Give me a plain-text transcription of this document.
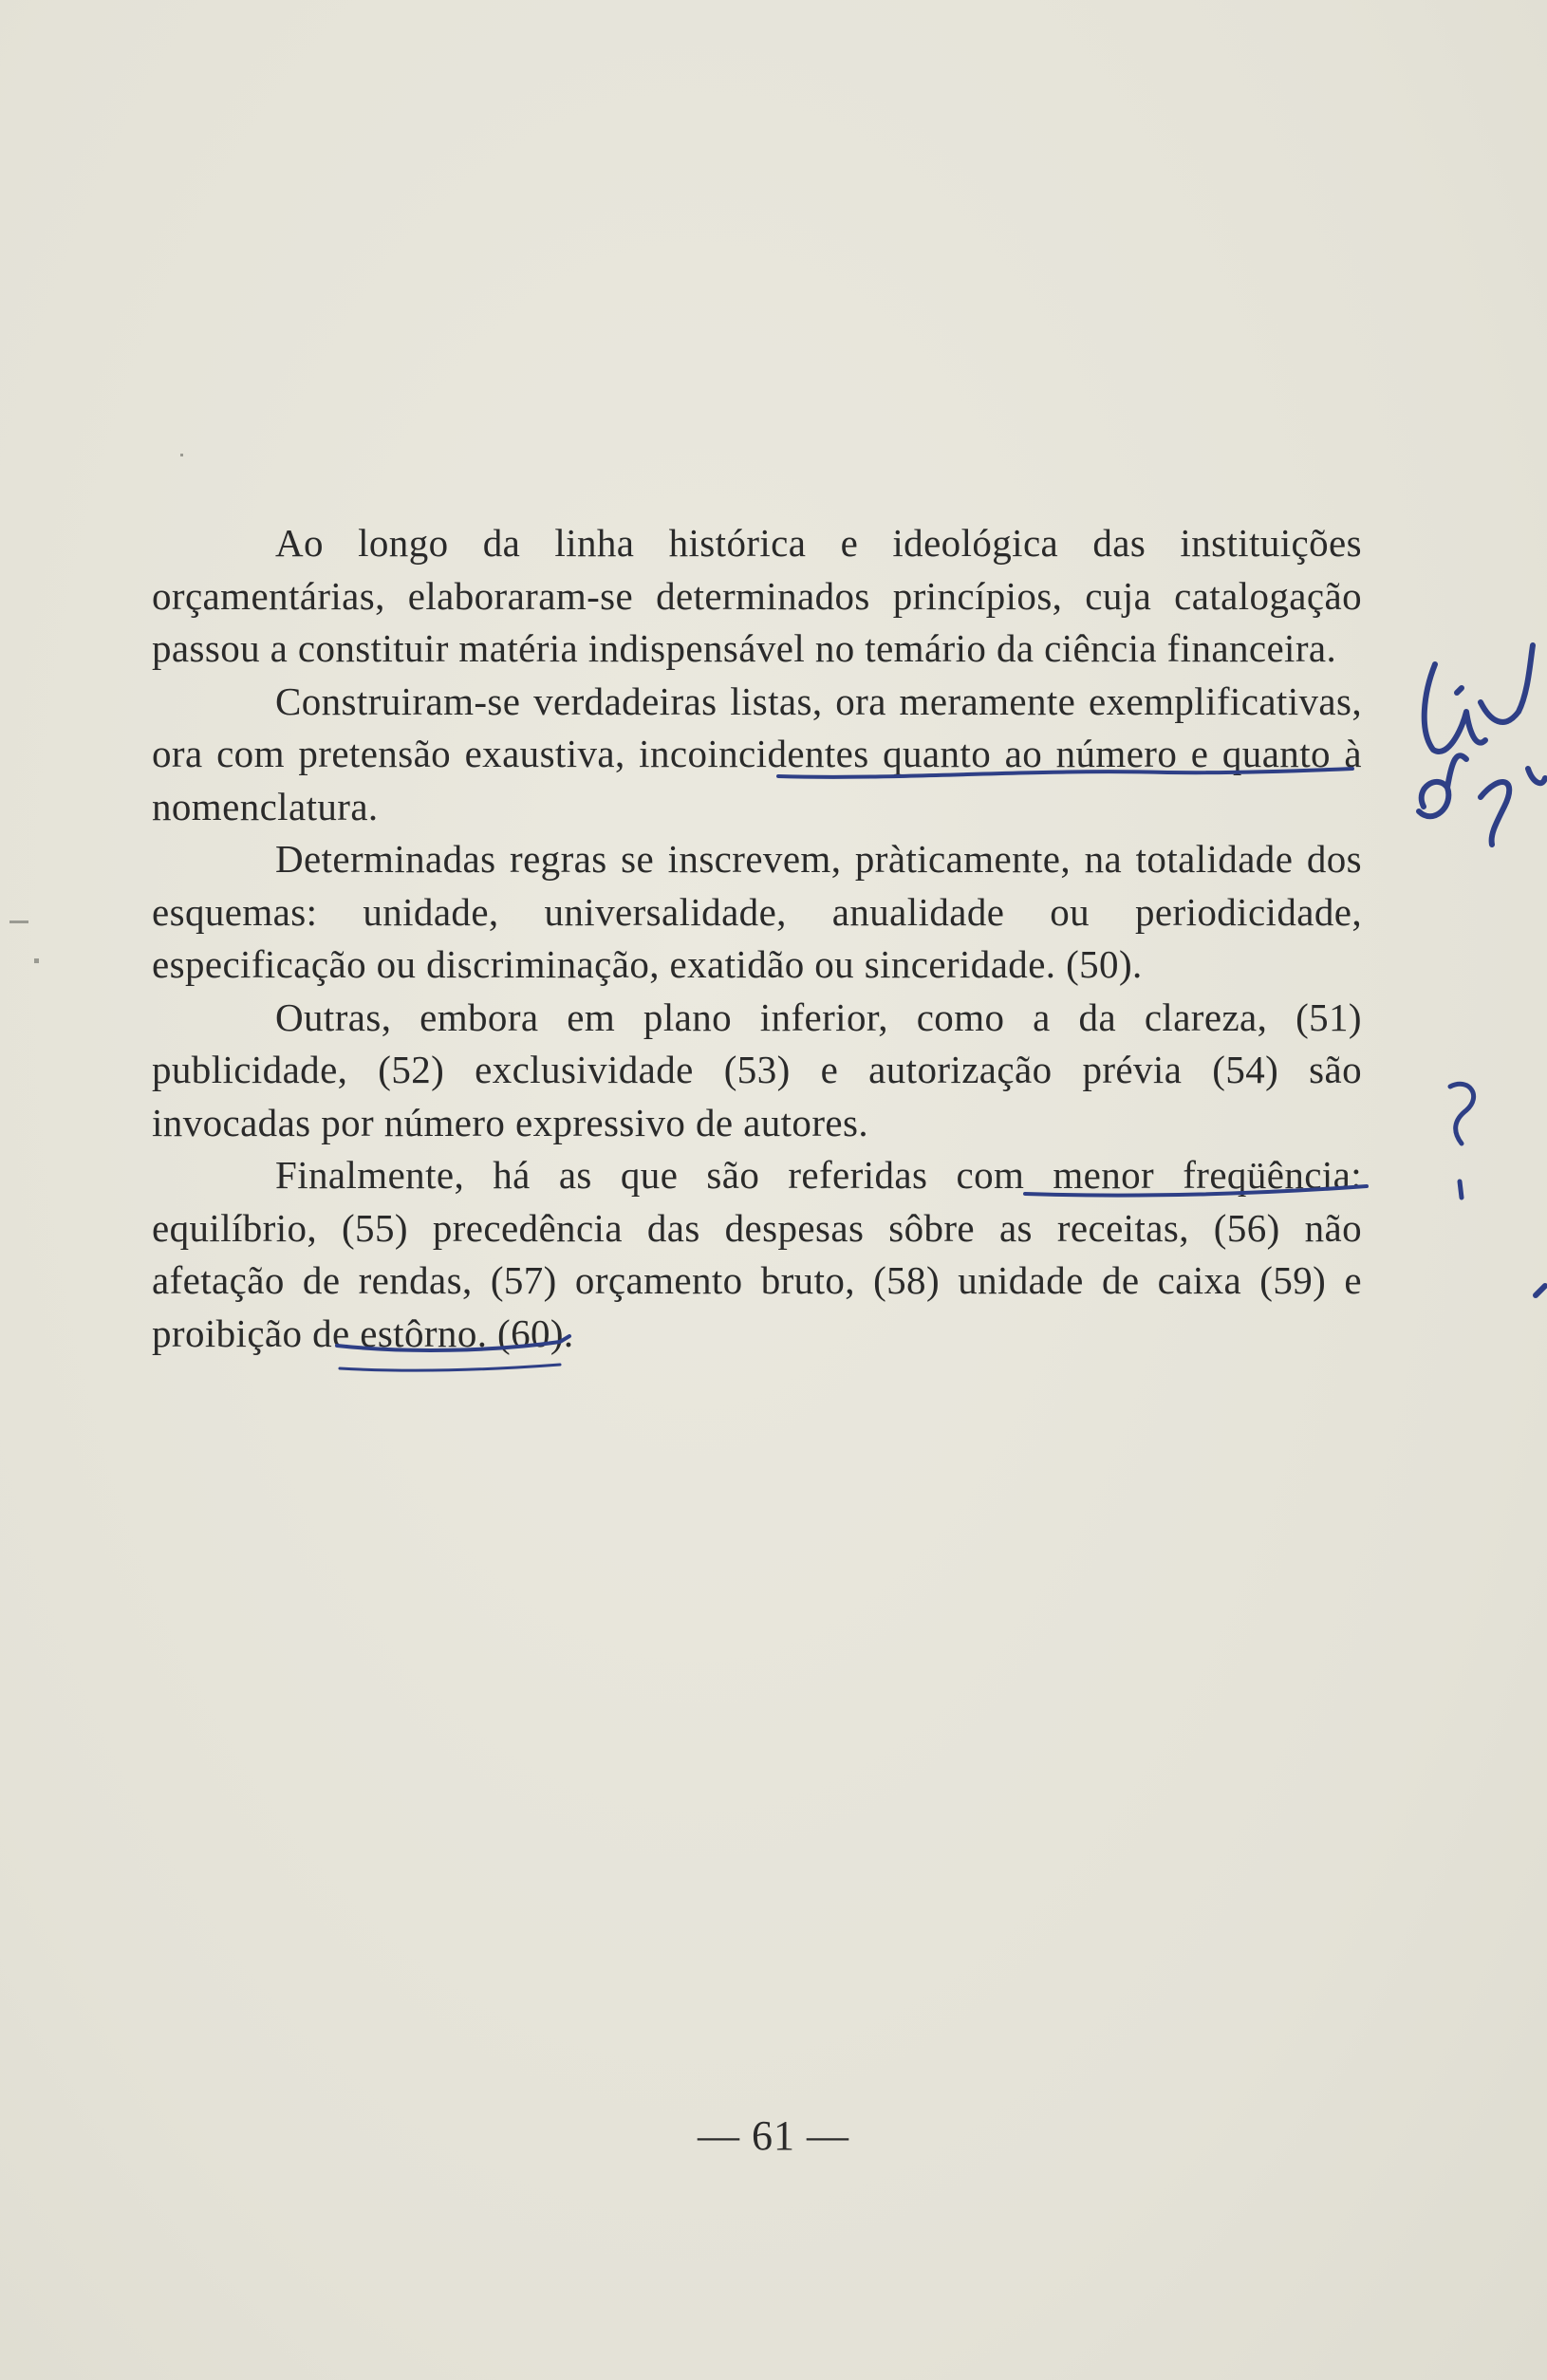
Ao longo da linha histórica e ideológica das instituições orçamentárias, elaboraram-se determinados princípios, cuja catalogação passou a constituir matéria indispensável no temário da ciência financeira.

Construiram-se verdadeiras listas, ora meramente exemplificativas, ora com pretensão exaustiva, incoincidentes quanto ao número e quanto à nomenclatura.

Determinadas regras se inscrevem, pràticamente, na totalidade dos esquemas: unidade, universalidade, anualidade ou periodicidade, especificação ou discriminação, exatidão ou sinceridade. (50).

Outras, embora em plano inferior, como a da clareza, (51) publicidade, (52) exclusividade (53) e autorização prévia (54) são invocadas por número expressivo de autores.

Finalmente, há as que são referidas com menor freqüência: equilíbrio, (55) precedência das despesas sôbre as receitas, (56) não afetação de rendas, (57) orçamento bruto, (58) unidade de caixa (59) e proibição de estôrno. (60).

— 61 —
